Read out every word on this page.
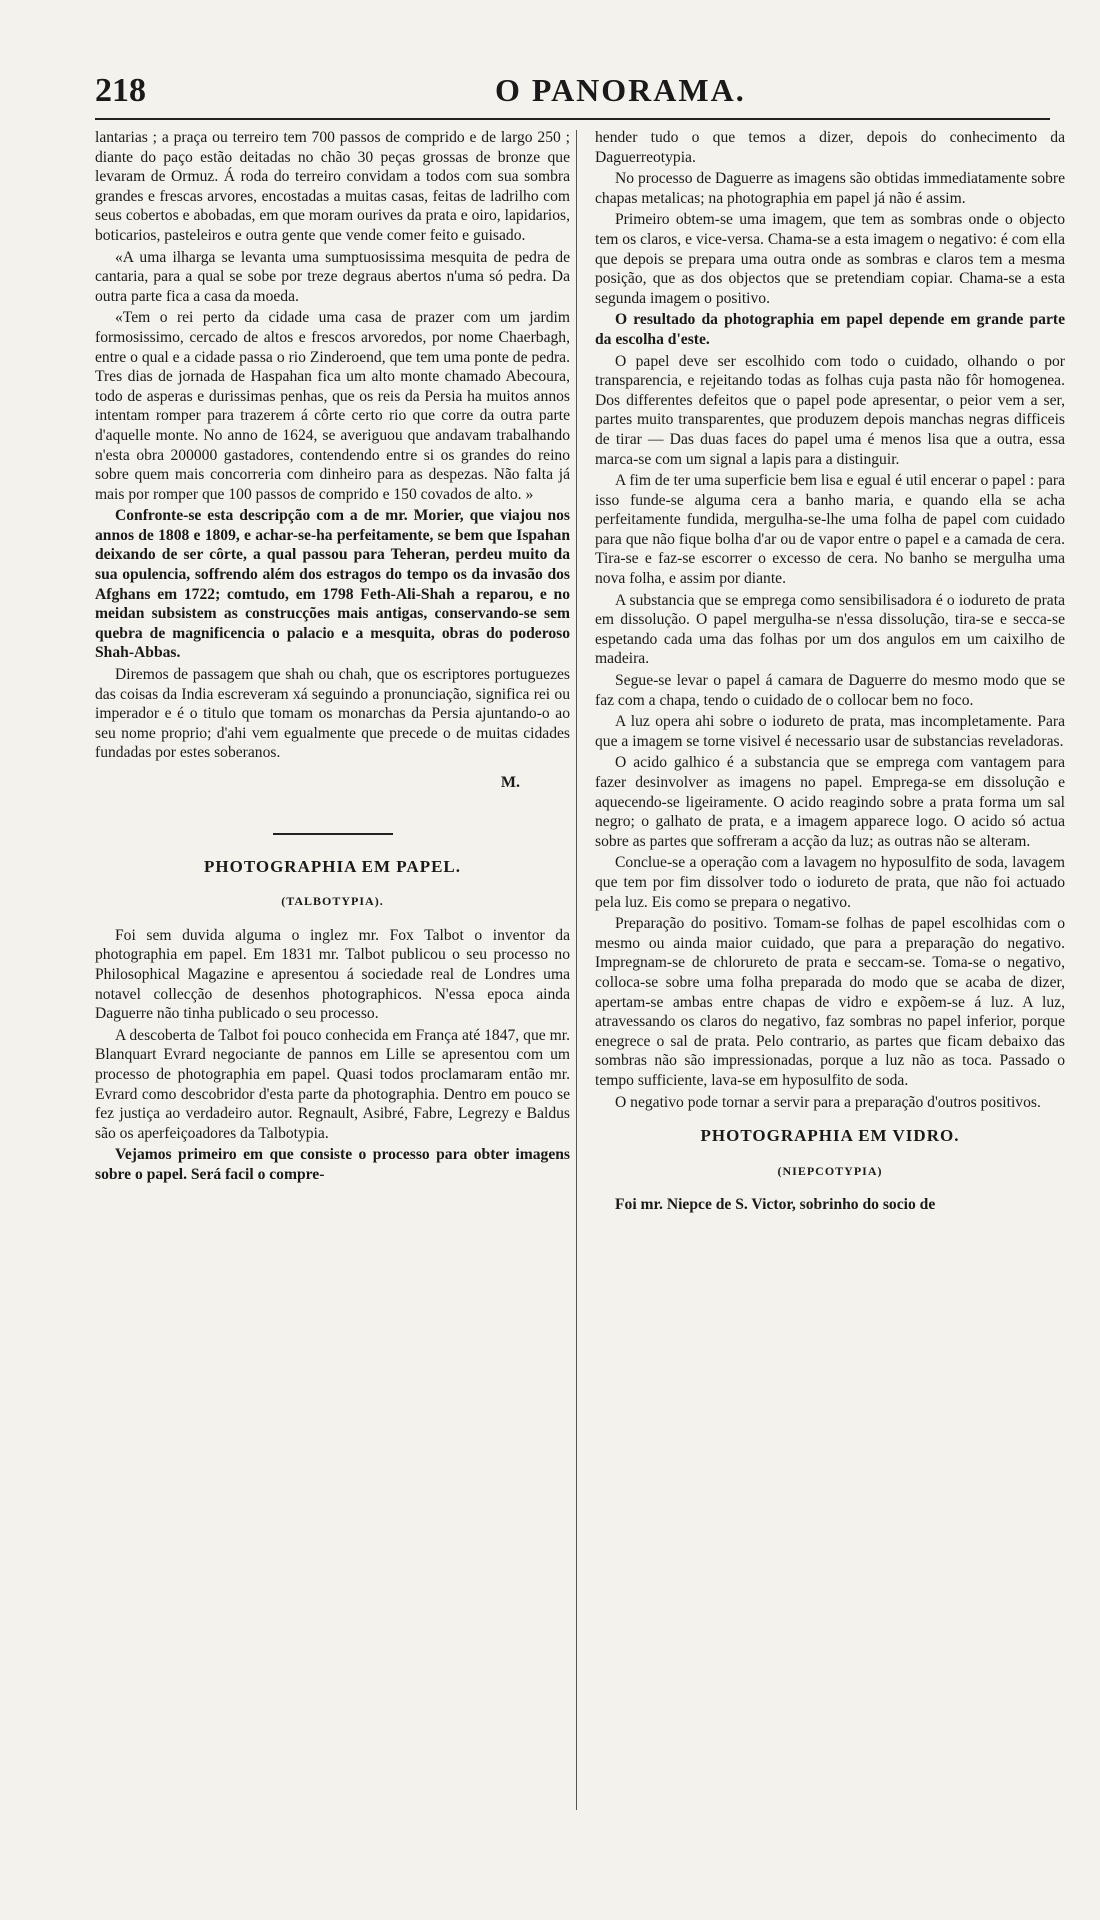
218	O PANORAMA.

lantarias ; a praça ou terreiro tem 700 passos de comprido e de largo 250 ; diante do paço estão deitadas no chão 30 peças grossas de bronze que levaram de Ormuz. Á roda do terreiro convidam a todos com sua sombra grandes e frescas arvores, encostadas a muitas casas, feitas de ladrilho com seus cobertos e abobadas, em que moram ourives da prata e oiro, lapidarios, boticarios, pasteleiros e outra gente que vende comer feito e guisado.

«A uma ilharga se levanta uma sumptuosissima mesquita de pedra de cantaria, para a qual se sobe por treze degraus abertos n'uma só pedra. Da outra parte fica a casa da moeda.

«Tem o rei perto da cidade uma casa de prazer com um jardim formosissimo, cercado de altos e frescos arvoredos, por nome Chaerbagh, entre o qual e a cidade passa o rio Zinderoend, que tem uma ponte de pedra. Tres dias de jornada de Haspahan fica um alto monte chamado Abecoura, todo de asperas e durissimas penhas, que os reis da Persia ha muitos annos intentam romper para trazerem á côrte certo rio que corre da outra parte d'aquelle monte. No anno de 1624, se averiguou que andavam trabalhando n'esta obra 200000 gastadores, contendendo entre si os grandes do reino sobre quem mais concorreria com dinheiro para as despezas. Não falta já mais por romper que 100 passos de comprido e 150 covados de alto. »

Confronte-se esta descripção com a de mr. Morier, que viajou nos annos de 1808 e 1809, e achar-se-ha perfeitamente, se bem que Ispahan deixando de ser côrte, a qual passou para Teheran, perdeu muito da sua opulencia, soffrendo além dos estragos do tempo os da invasão dos Afghans em 1722; comtudo, em 1798 Feth-Ali-Shah a reparou, e no meidan subsistem as construcções mais antigas, conservando-se sem quebra de magnificencia o palacio e a mesquita, obras do poderoso Shah-Abbas.

Diremos de passagem que shah ou chah, que os escriptores portuguezes das coisas da India escreveram xá seguindo a pronunciação, significa rei ou imperador e é o titulo que tomam os monarchas da Persia ajuntando-o ao seu nome proprio; d'ahi vem egualmente que precede o de muitas cidades fundadas por estes soberanos.

M.
PHOTOGRAPHIA EM PAPEL.
(TALBOTYPIA).

Foi sem duvida alguma o inglez mr. Fox Talbot o inventor da photographia em papel. Em 1831 mr. Talbot publicou o seu processo no Philosophical Magazine e apresentou á sociedade real de Londres uma notavel collecção de desenhos photographicos. N'essa epoca ainda Daguerre não tinha publicado o seu processo.

A descoberta de Talbot foi pouco conhecida em França até 1847, que mr. Blanquart Evrard negociante de pannos em Lille se apresentou com um processo de photographia em papel. Quasi todos proclamaram então mr. Evrard como descobridor d'esta parte da photographia. Dentro em pouco se fez justiça ao verdadeiro autor. Regnault, Asibré, Fabre, Legrezy e Baldus são os aperfeiçoadores da Talbotypia.

Vejamos primeiro em que consiste o processo para obter imagens sobre o papel. Será facil o compre-

hender tudo o que temos a dizer, depois do conhecimento da Daguerreotypia.

No processo de Daguerre as imagens são obtidas immediatamente sobre chapas metalicas; na photographia em papel já não é assim.

Primeiro obtem-se uma imagem, que tem as sombras onde o objecto tem os claros, e vice-versa. Chama-se a esta imagem o negativo: é com ella que depois se prepara uma outra onde as sombras e claros tem a mesma posição, que as dos objectos que se pretendiam copiar. Chama-se a esta segunda imagem o positivo.

O resultado da photographia em papel depende em grande parte da escolha d'este.

O papel deve ser escolhido com todo o cuidado, olhando o por transparencia, e rejeitando todas as folhas cuja pasta não fôr homogenea. Dos differentes defeitos que o papel pode apresentar, o peior vem a ser, partes muito transparentes, que produzem depois manchas negras difficeis de tirar — Das duas faces do papel uma é menos lisa que a outra, essa marca-se com um signal a lapis para a distinguir.

A fim de ter uma superficie bem lisa e egual é util encerar o papel : para isso funde-se alguma cera a banho maria, e quando ella se acha perfeitamente fundida, mergulha-se-lhe uma folha de papel com cuidado para que não fique bolha d'ar ou de vapor entre o papel e a camada de cera. Tira-se e faz-se escorrer o excesso de cera. No banho se mergulha uma nova folha, e assim por diante.

A substancia que se emprega como sensibilisadora é o iodureto de prata em dissolução. O papel mergulha-se n'essa dissolução, tira-se e secca-se espetando cada uma das folhas por um dos angulos em um caixilho de madeira.

Segue-se levar o papel á camara de Daguerre do mesmo modo que se faz com a chapa, tendo o cuidado de o collocar bem no foco.

A luz opera ahi sobre o iodureto de prata, mas incompletamente. Para que a imagem se torne visivel é necessario usar de substancias reveladoras.

O acido galhico é a substancia que se emprega com vantagem para fazer desinvolver as imagens no papel. Emprega-se em dissolução e aquecendo-se ligeiramente. O acido reagindo sobre a prata forma um sal negro; o galhato de prata, e a imagem apparece logo. O acido só actua sobre as partes que soffreram a acção da luz; as outras não se alteram.

Conclue-se a operação com a lavagem no hyposulfito de soda, lavagem que tem por fim dissolver todo o iodureto de prata, que não foi actuado pela luz. Eis como se prepara o negativo.

Preparação do positivo. Tomam-se folhas de papel escolhidas com o mesmo ou ainda maior cuidado, que para a preparação do negativo. Impregnam-se de chlorureto de prata e seccam-se. Toma-se o negativo, colloca-se sobre uma folha preparada do modo que se acaba de dizer, apertam-se ambas entre chapas de vidro e expõem-se á luz. A luz, atravessando os claros do negativo, faz sombras no papel inferior, porque enegrece o sal de prata. Pelo contrario, as partes que ficam debaixo das sombras não são impressionadas, porque a luz não as toca. Passado o tempo sufficiente, lava-se em hyposulfito de soda.

O negativo pode tornar a servir para a preparação d'outros positivos.

PHOTOGRAPHIA EM VIDRO.
(NIEPCOTYPIA)

Foi mr. Niepce de S. Victor, sobrinho do socio de
